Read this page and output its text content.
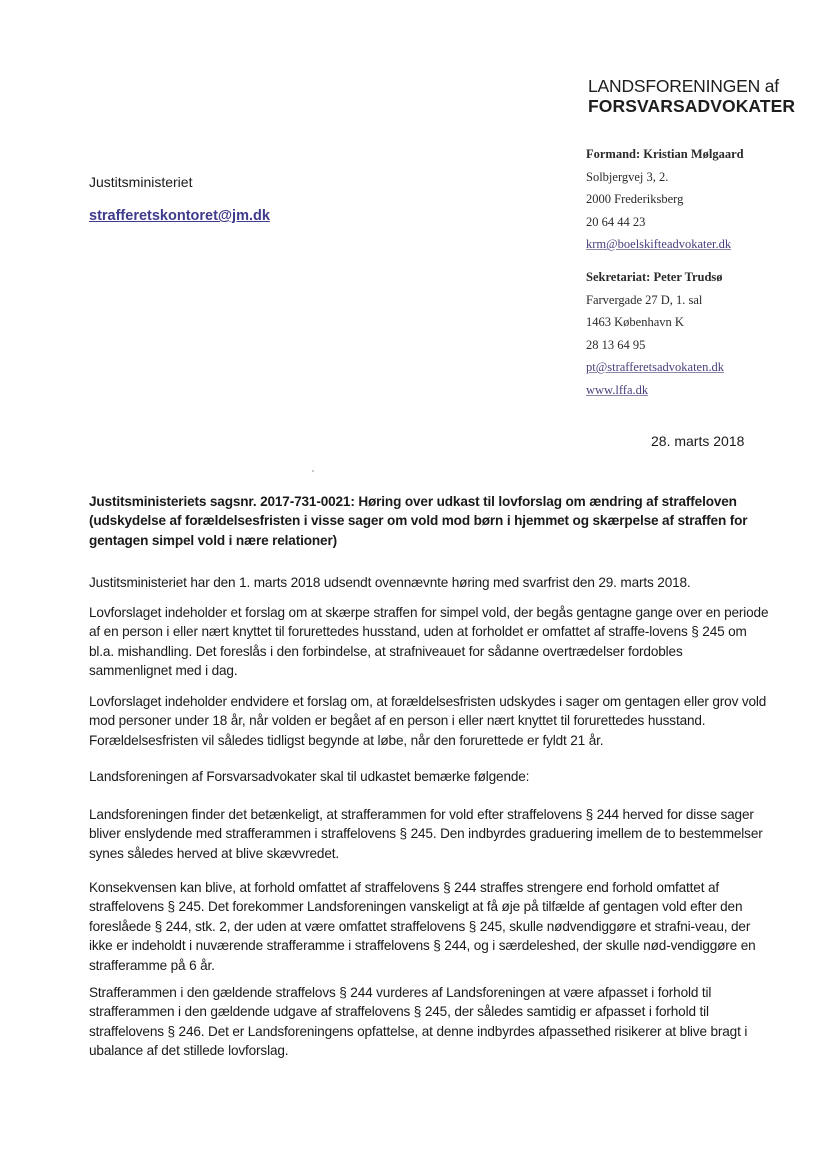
LANDSFORENINGEN af
FORSVARSADVOKATER
Formand: Kristian Mølgaard
Solbjergvej 3, 2.
2000 Frederiksberg
20 64 44 23
krm@boelskifteadvokater.dk
Sekretariat: Peter Trudsø
Farvergade 27 D, 1. sal
1463 København K
28 13 64 95
pt@strafferetsadvokaten.dk
www.lffa.dk
Justitsministeriet
strafferetskontoret@jm.dk
28. marts 2018
Justitsministeriets sagsnr. 2017-731-0021: Høring over udkast til lovforslag om ændring af straffeloven (udskydelse af forældelsesfristen i visse sager om vold mod børn i hjemmet og skærpelse af straffen for gentagen simpel vold i nære relationer)

Justitsministeriet har den 1. marts 2018 udsendt ovennævnte høring med svarfrist den 29. marts 2018.

Lovforslaget indeholder et forslag om at skærpe straffen for simpel vold, der begås gentagne gange over en periode af en person i eller nært knyttet til forurettedes husstand, uden at forholdet er omfattet af straffe-lovens § 245 om bl.a. mishandling. Det foreslås i den forbindelse, at strafniveauet for sådanne overtrædelser fordobles sammenlignet med i dag.

Lovforslaget indeholder endvidere et forslag om, at forældelsesfristen udskydes i sager om gentagen eller grov vold mod personer under 18 år, når volden er begået af en person i eller nært knyttet til forurettedes husstand. Forældelsesfristen vil således tidligst begynde at løbe, når den forurettede er fyldt 21 år.

Landsforeningen af Forsvarsadvokater skal til udkastet bemærke følgende:

Landsforeningen finder det betænkeligt, at strafferammen for vold efter straffelovens § 244 herved for disse sager bliver enslydende med strafferammen i straffelovens § 245. Den indbyrdes graduering imellem de to bestemmelser synes således herved at blive skævvredet.

Konsekvensen kan blive, at forhold omfattet af straffelovens § 244 straffes strengere end forhold omfattet af straffelovens § 245. Det forekommer Landsforeningen vanskeligt at få øje på tilfælde af gentagen vold efter den foreslåede § 244, stk. 2, der uden at være omfattet straffelovens § 245, skulle nødvendiggøre et strafni-veau, der ikke er indeholdt i nuværende strafferamme i straffelovens § 244, og i særdeleshed, der skulle nød-vendiggøre en strafferamme på 6 år.

Strafferammen i den gældende straffelovs § 244 vurderes af Landsforeningen at være afpasset i forhold til strafferammen i den gældende udgave af straffelovens § 245, der således samtidig er afpasset i forhold til straffelovens § 246. Det er Landsforeningens opfattelse, at denne indbyrdes afpassethed risikerer at blive bragt i ubalance af det stillede lovforslag.
